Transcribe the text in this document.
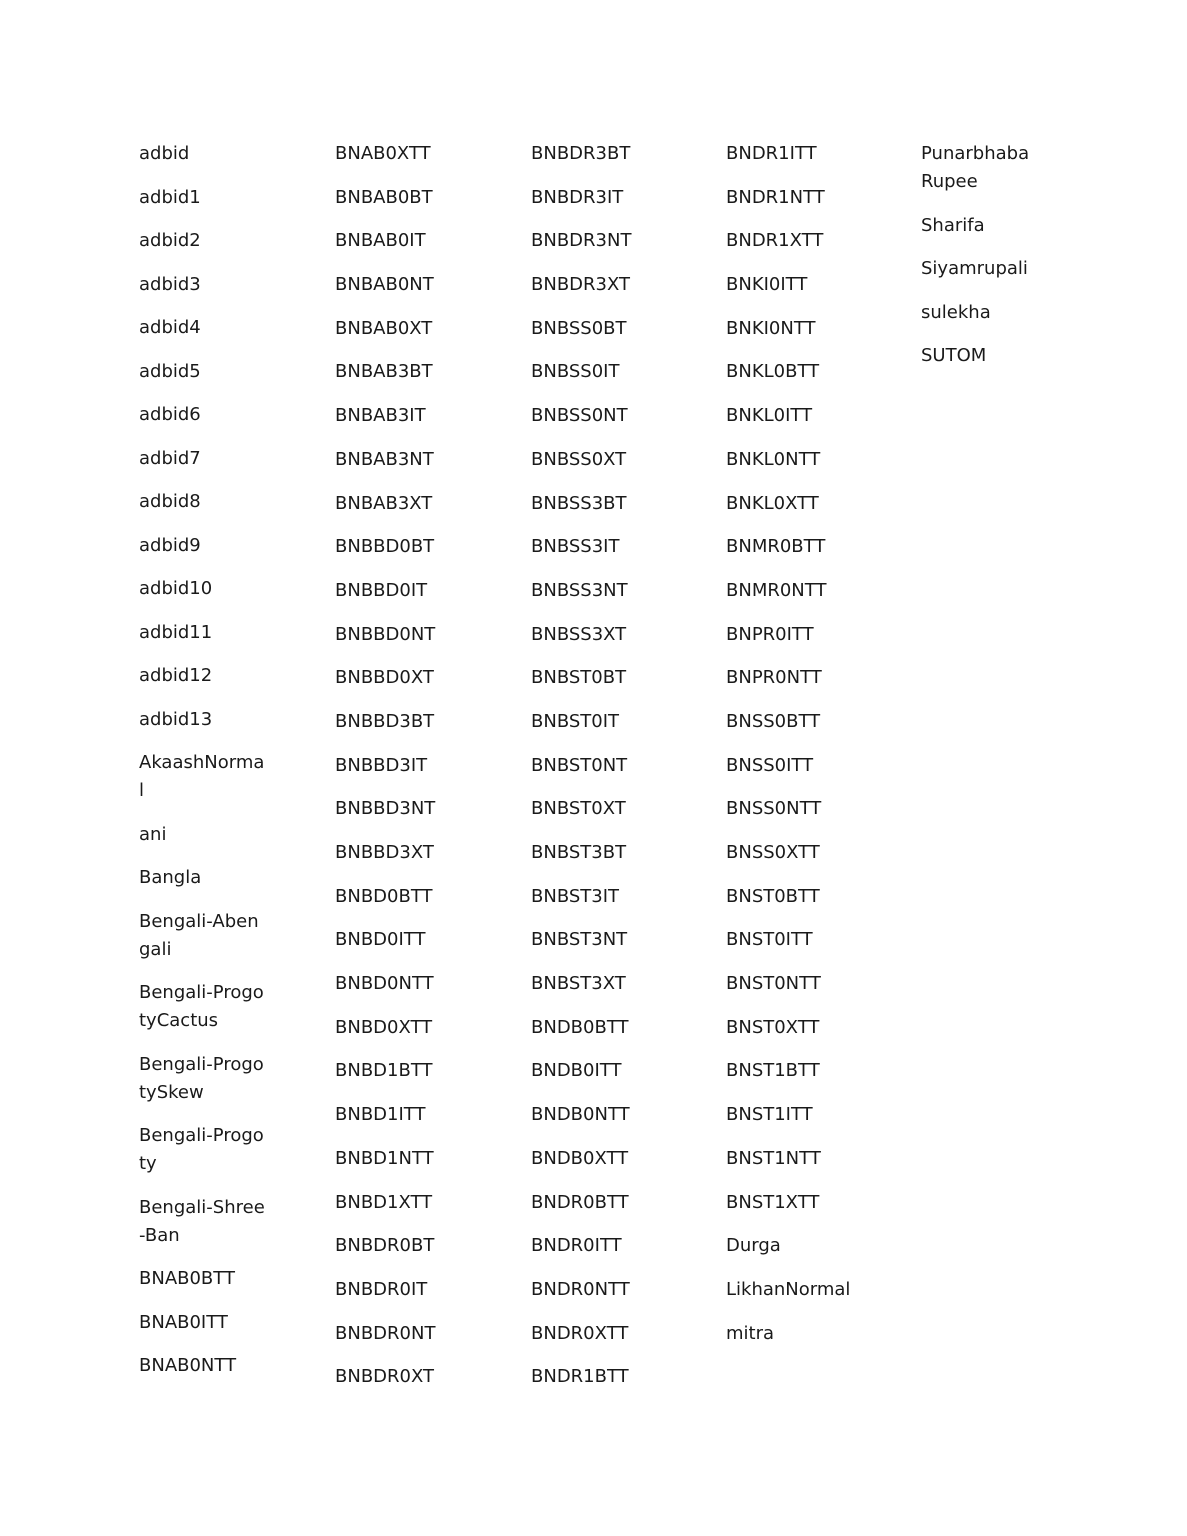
adbid
adbid1
adbid2
adbid3
adbid4
adbid5
adbid6
adbid7
adbid8
adbid9
adbid10
adbid11
adbid12
adbid13
AkaashNormal
ani
Bangla
Bengali-Abengali
Bengali-ProgotyCactus
Bengali-ProgotySkew
Bengali-Progoty
Bengali-Shree-Ban
BNAB0BTT
BNAB0ITT
BNAB0NTT
BNAB0XTT
BNBAB0BT
BNBAB0IT
BNBAB0NT
BNBAB0XT
BNBAB3BT
BNBAB3IT
BNBAB3NT
BNBAB3XT
BNBBD0BT
BNBBD0IT
BNBBD0NT
BNBBD0XT
BNBBD3BT
BNBBD3IT
BNBBD3NT
BNBBD3XT
BNBD0BTT
BNBD0ITT
BNBD0NTT
BNBD0XTT
BNBD1BTT
BNBD1ITT
BNBD1NTT
BNBD1XTT
BNBDR0BT
BNBDR0IT
BNBDR0NT
BNBDR0XT
BNBDR3BT
BNBDR3IT
BNBDR3NT
BNBDR3XT
BNBSS0BT
BNBSS0IT
BNBSS0NT
BNBSS0XT
BNBSS3BT
BNBSS3IT
BNBSS3NT
BNBSS3XT
BNBST0BT
BNBST0IT
BNBST0NT
BNBST0XT
BNBST3BT
BNBST3IT
BNBST3NT
BNBST3XT
BNDB0BTT
BNDB0ITT
BNDB0NTT
BNDB0XTT
BNDR0BTT
BNDR0ITT
BNDR0NTT
BNDR0XTT
BNDR1BTT
BNDR1ITT
BNDR1NTT
BNDR1XTT
BNKI0ITT
BNKI0NTT
BNKL0BTT
BNKL0ITT
BNKL0NTT
BNKL0XTT
BNMR0BTT
BNMR0NTT
BNPR0ITT
BNPR0NTT
BNSS0BTT
BNSS0ITT
BNSS0NTT
BNSS0XTT
BNST0BTT
BNST0ITT
BNST0NTT
BNST0XTT
BNST1BTT
BNST1ITT
BNST1NTT
BNST1XTT
Durga
LikhanNormal
mitra
Punarbhaba Rupee
Sharifa
Siyamrupali
sulekha
SUTOM
